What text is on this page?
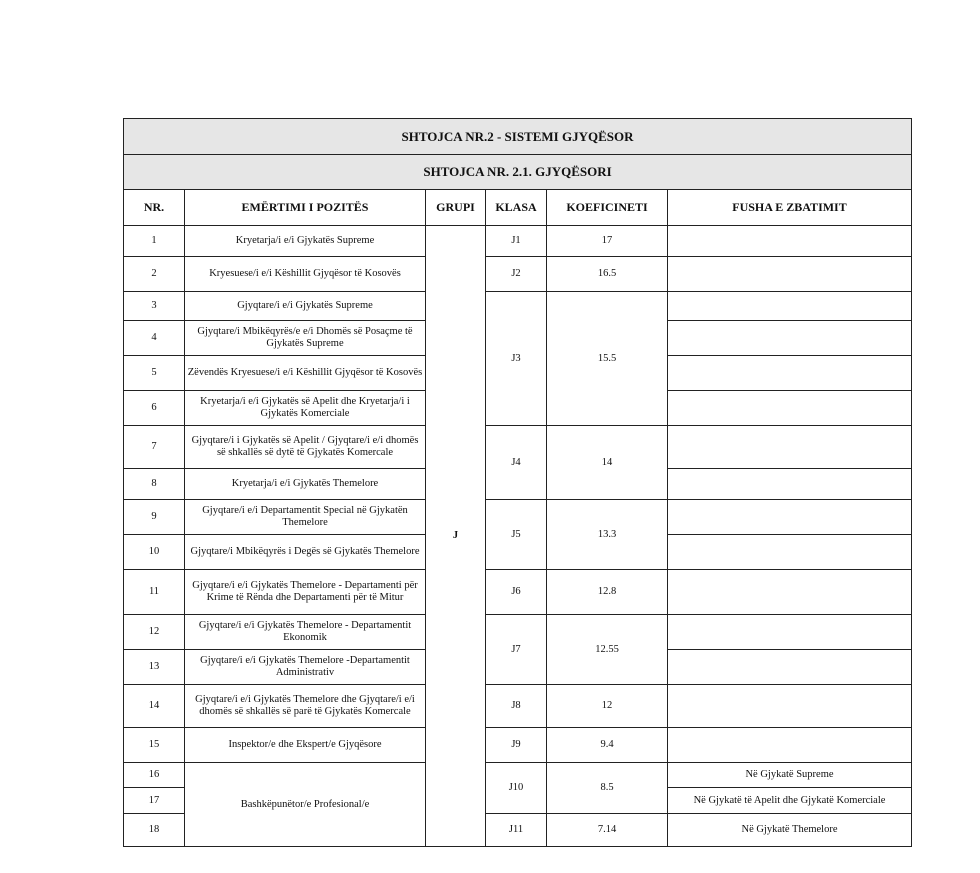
SHTOJCA NR.2 - SISTEMI GJYQËSOR					
SHTOJCA NR. 2.1. GJYQËSORI					
NR.	EMËRTIMI I POZITËS	GRUPI	KLASA	KOEFICINETI	FUSHA E ZBATIMIT
1	Kryetarja/i e/i Gjykatës Supreme	J	J1	17	
2	Kryesuese/i e/i Këshillit Gjyqësor të Kosovës		J2	16.5	
3	Gjyqtare/i e/i Gjykatës Supreme		J3	15.5	
4	Gjyqtare/i Mbikëqyrës/e e/i Dhomës së Posaçme të Gjykatës Supreme				
5	Zëvendës Kryesuese/i e/i Këshillit Gjyqësor të Kosovës				
6	Kryetarja/i e/i Gjykatës së Apelit dhe Kryetarja/i i Gjykatës Komerciale				
7	Gjyqtare/i i Gjykatës së Apelit / Gjyqtare/i e/i dhomës së shkallës së dytë të Gjykatës Komercale		J4	14	
8	Kryetarja/i e/i Gjykatës Themelore				
9	Gjyqtare/i e/i Departamentit Special në Gjykatën Themelore		J5	13.3	
10	Gjyqtare/i Mbikëqyrës i Degës së Gjykatës Themelore				
11	Gjyqtare/i e/i Gjykatës Themelore - Departamenti për Krime të Rënda dhe Departamenti për të Mitur		J6	12.8	
12	Gjyqtare/i e/i Gjykatës Themelore - Departamentit Ekonomik		J7	12.55	
13	Gjyqtare/i e/i Gjykatës Themelore -Departamentit Administrativ				
14	Gjyqtare/i e/i Gjykatës Themelore dhe Gjyqtare/i e/i dhomës së shkallës së parë të Gjykatës Komercale		J8	12	
15	Inspektor/e dhe Ekspert/e Gjyqësore		J9	9.4	
16	Bashkëpunëtor/e Profesional/e		J10	8.5	Në Gjykatë Supreme
17					Në Gjykatë të Apelit dhe Gjykatë Komerciale
18			J11	7.14	Në Gjykatë Themelore
